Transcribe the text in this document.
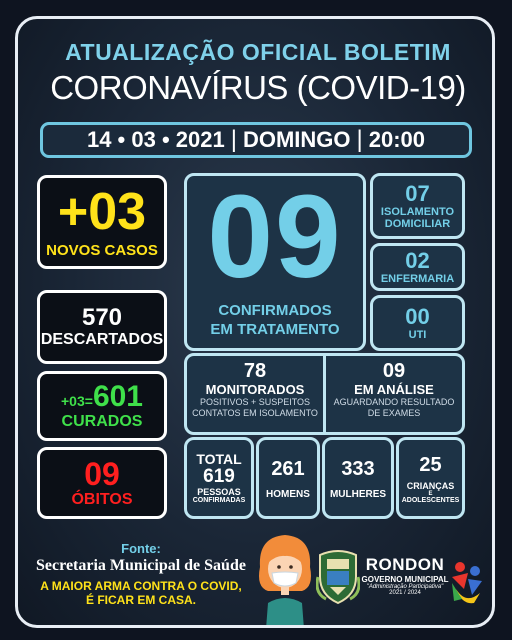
ATUALIZAÇÃO OFICIAL BOLETIM
CORONAVÍRUS (COVID-19)
14 • 03 • 2021 | DOMINGO | 20:00
+03
NOVOS CASOS
570
DESCARTADOS
+03= 601
CURADOS
09
ÓBITOS
09
CONFIRMADOS
EM TRATAMENTO
07
ISOLAMENTO
DOMICILIAR
02
ENFERMARIA
00
UTI
78
MONITORADOS
POSITIVOS + SUSPEITOS
CONTATOS EM ISOLAMENTO
09
EM ANÁLISE
AGUARDANDO RESULTADO
DE EXAMES
TOTAL
619
PESSOAS
CONFIRMADAS
261
HOMENS
333
MULHERES
25
CRIANÇAS
E
ADOLESCENTES
Fonte:
Secretaria Municipal de Saúde
A MAIOR ARMA CONTRA O COVID,
É FICAR EM CASA.
RONDON
GOVERNO MUNICIPAL
"Administração Participativa"
2021 / 2024
